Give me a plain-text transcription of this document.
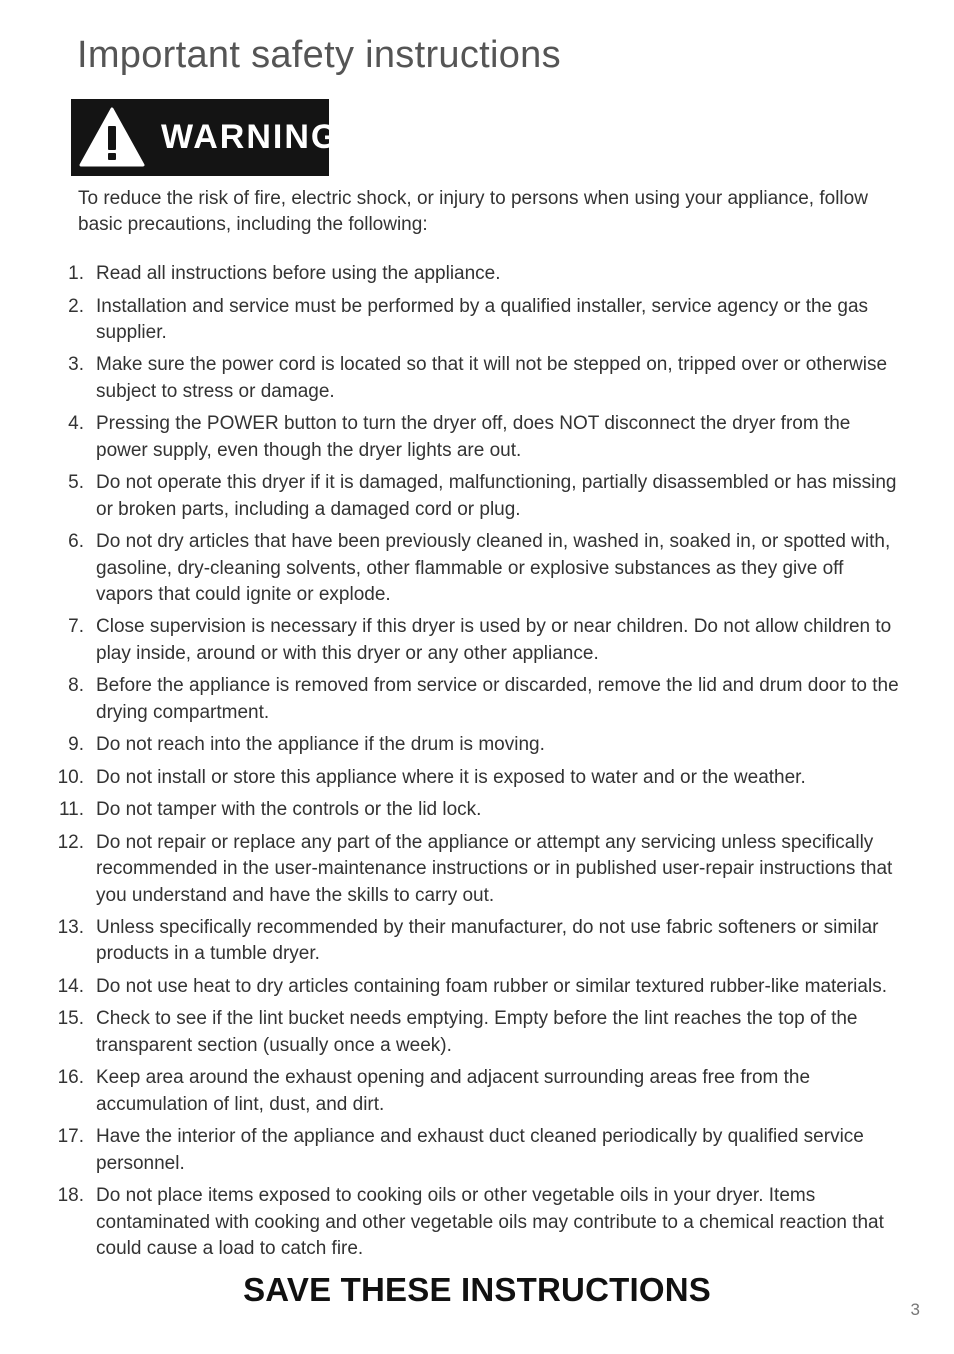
Important safety instructions
WARNING

To reduce the risk of fire, electric shock, or injury to persons when using your appliance, follow basic precautions, including the following:

1. Read all instructions before using the appliance.
2. Installation and service must be performed by a qualified installer, service agency or the gas supplier.
3. Make sure the power cord is located so that it will not be stepped on, tripped over or otherwise subject to stress or damage.
4. Pressing the POWER button to turn the dryer off, does NOT disconnect the dryer from the power supply, even though the dryer lights are out.
5. Do not operate this dryer if it is damaged, malfunctioning, partially disassembled or has missing or broken parts, including a damaged cord or plug.
6. Do not dry articles that have been previously cleaned in, washed in, soaked in, or spotted with, gasoline, dry-cleaning solvents, other flammable or explosive substances as they give off vapors that could ignite or explode.
7. Close supervision is necessary if this dryer is used by or near children. Do not allow children to play inside, around or with this dryer or any other appliance.
8. Before the appliance is removed from service or discarded, remove the lid and drum door to the drying compartment.
9. Do not reach into the appliance if the drum is moving.
10. Do not install or store this appliance where it is exposed to water and or the weather.
11. Do not tamper with the controls or the lid lock.
12. Do not repair or replace any part of the appliance or attempt any servicing unless specifically recommended in the user-maintenance instructions or in published user-repair instructions that you understand and have the skills to carry out.
13. Unless specifically recommended by their manufacturer, do not use fabric softeners or similar products in a tumble dryer.
14. Do not use heat to dry articles containing foam rubber or similar textured rubber-like materials.
15. Check to see if the lint bucket needs emptying. Empty before the lint reaches the top of the transparent section (usually once a week).
16. Keep area around the exhaust opening and adjacent surrounding areas free from the accumulation of lint, dust, and dirt.
17. Have the interior of the appliance and exhaust duct cleaned periodically by qualified service personnel.
18. Do not place items exposed to cooking oils or other vegetable oils in your dryer. Items contaminated with cooking and other vegetable oils may contribute to a chemical reaction that could cause a load to catch fire.
SAVE THESE INSTRUCTIONS
3
